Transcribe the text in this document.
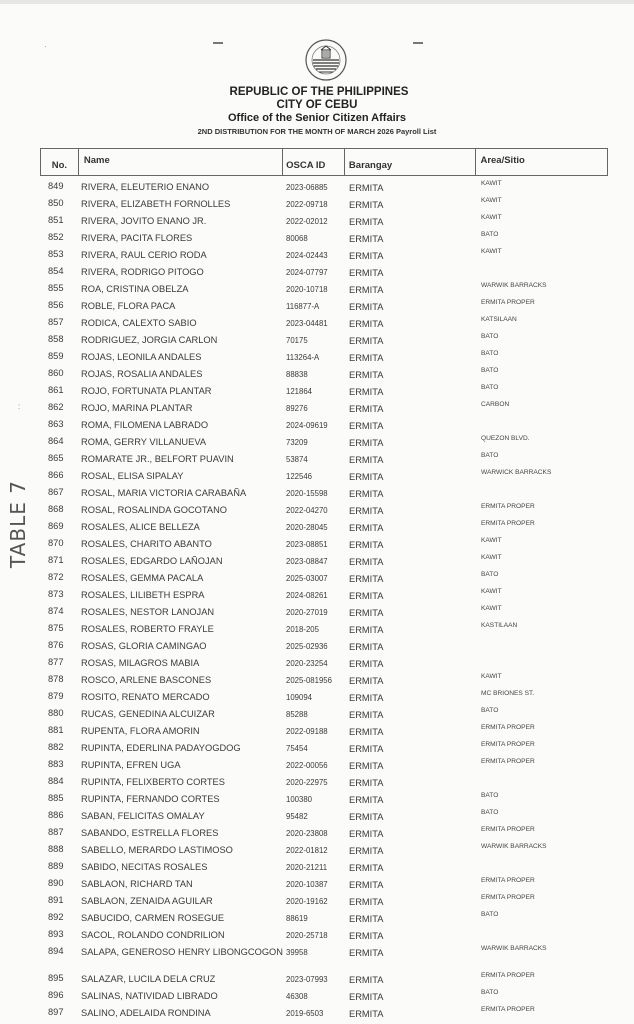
·
:
REPUBLIC OF THE PHILIPPINES
CITY OF CEBU
Office of the Senior Citizen Affairs
2ND DISTRIBUTION FOR THE MONTH OF MARCH 2026 Payroll List
No.	Name	OSCA ID	Barangay	Area/Sitio
849	RIVERA, ELEUTERIO ENANO	2023-06885	ERMITA	KAWIT
850	RIVERA, ELIZABETH FORNOLLES	2022-09718	ERMITA	KAWIT
851	RIVERA, JOVITO ENANO JR.	2022-02012	ERMITA	KAWIT
852	RIVERA, PACITA FLORES	80068	ERMITA	BATO
853	RIVERA, RAUL CERIO RODA	2024-02443	ERMITA	KAWIT
854	RIVERA, RODRIGO PITOGO	2024-07797	ERMITA
855	ROA, CRISTINA OBELZA	2020-10718	ERMITA	WARWIK BARRACKS
856	ROBLE, FLORA PACA	116877-A	ERMITA	ERMITA PROPER
857	RODICA, CALEXTO SABIO	2023-04481	ERMITA	KATSILAAN
858	RODRIGUEZ, JORGIA CARLON	70175	ERMITA	BATO
859	ROJAS, LEONILA ANDALES	113264-A	ERMITA	BATO
860	ROJAS, ROSALIA ANDALES	88838	ERMITA	BATO
861	ROJO, FORTUNATA PLANTAR	121864	ERMITA	BATO
862	ROJO, MARINA PLANTAR	89276	ERMITA	CARBON
863	ROMA, FILOMENA LABRADO	2024-09619	ERMITA
864	ROMA, GERRY VILLANUEVA	73209	ERMITA	QUEZON BLVD.
865	ROMARATE JR., BELFORT PUAVIN	53874	ERMITA	BATO
866	ROSAL, ELISA SIPALAY	122546	ERMITA	WARWICK BARRACKS
867	ROSAL, MARIA VICTORIA CARABAÑA	2020-15598	ERMITA
868	ROSAL, ROSALINDA GOCOTANO	2022-04270	ERMITA	ERMITA PROPER
869	ROSALES, ALICE BELLEZA	2020-28045	ERMITA	ERMITA PROPER
870	ROSALES, CHARITO ABANTO	2023-08851	ERMITA	KAWIT
871	ROSALES, EDGARDO LAÑOJAN	2023-08847	ERMITA	KAWIT
872	ROSALES, GEMMA PACALA	2025-03007	ERMITA	BATO
873	ROSALES, LILIBETH ESPRA	2024-08261	ERMITA	KAWIT
874	ROSALES, NESTOR LANOJAN	2020-27019	ERMITA	KAWIT
875	ROSALES, ROBERTO FRAYLE	2018-205	ERMITA	KASTILAAN
876	ROSAS, GLORIA CAMINGAO	2025-02936	ERMITA
877	ROSAS, MILAGROS MABIA	2020-23254	ERMITA
878	ROSCO, ARLENE BASCONES	2025-081956	ERMITA	KAWIT
879	ROSITO, RENATO MERCADO	109094	ERMITA	MC BRIONES ST.
880	RUCAS, GENEDINA ALCUIZAR	85288	ERMITA	BATO
881	RUPENTA, FLORA AMORIN	2022-09188	ERMITA	ERMITA PROPER
882	RUPINTA, EDERLINA PADAYOGDOG	75454	ERMITA	ERMITA PROPER
883	RUPINTA, EFREN UGA	2022-00056	ERMITA	ERMITA PROPER
884	RUPINTA, FELIXBERTO CORTES	2020-22975	ERMITA
885	RUPINTA, FERNANDO CORTES	100380	ERMITA	BATO
886	SABAN, FELICITAS OMALAY	95482	ERMITA	BATO
887	SABANDO, ESTRELLA FLORES	2020-23808	ERMITA	ERMITA PROPER
888	SABELLO, MERARDO LASTIMOSO	2022-01812	ERMITA	WARWIK BARRACKS
889	SABIDO, NECITAS ROSALES	2020-21211	ERMITA
890	SABLAON, RICHARD TAN	2020-10387	ERMITA	ERMITA PROPER
891	SABLAON, ZENAIDA AGUILAR	2020-19162	ERMITA	ERMITA PROPER
892	SABUCIDO, CARMEN ROSEGUE	88619	ERMITA	BATO
893	SACOL, ROLANDO CONDRILION	2020-25718	ERMITA
894	SALAPA, GENEROSO HENRY LIBONGCOGON 39958	ERMITA	WARWIK BARRACKS
895	SALAZAR, LUCILA DELA CRUZ	2023-07993	ERMITA	ERMITA PROPER
896	SALINAS, NATIVIDAD LIBRADO	46308	ERMITA	BATO
897	SALINO, ADELAIDA RONDINA	2019-6503	ERMITA	ERMITA PROPER
TABLE 7
